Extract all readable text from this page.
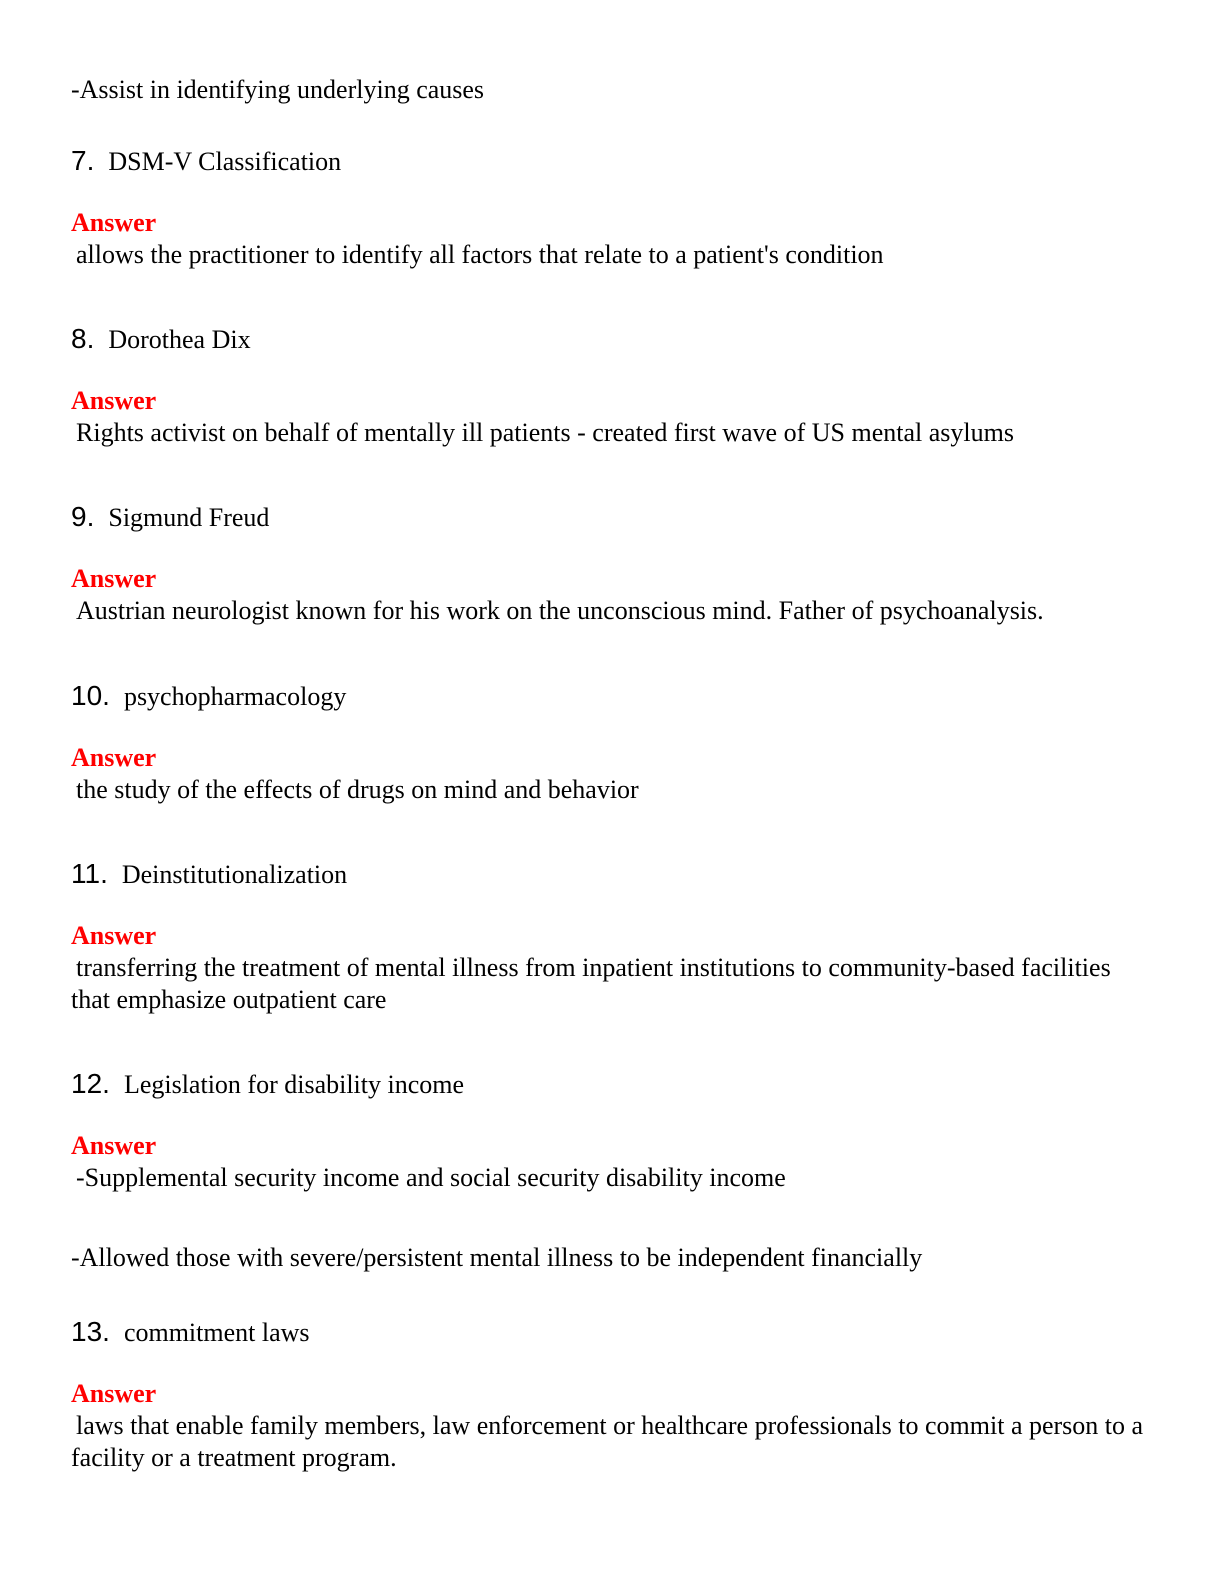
-Assist in identifying underlying causes
7. DSM-V Classification
Answer
allows the practitioner to identify all factors that relate to a patient's condition
8. Dorothea Dix
Answer
Rights activist on behalf of mentally ill patients - created first wave of US mental asylums
9. Sigmund Freud
Answer
Austrian neurologist known for his work on the unconscious mind. Father of psychoanalysis.
10. psychopharmacology
Answer
the study of the effects of drugs on mind and behavior
11. Deinstitutionalization
Answer
transferring the treatment of mental illness from inpatient institutions to community-based facilities that emphasize outpatient care
12. Legislation for disability income
Answer
-Supplemental security income and social security disability income
-Allowed those with severe/persistent mental illness to be independent financially
13. commitment laws
Answer
laws that enable family members, law enforcement or healthcare professionals to commit a person to a facility or a treatment program.
